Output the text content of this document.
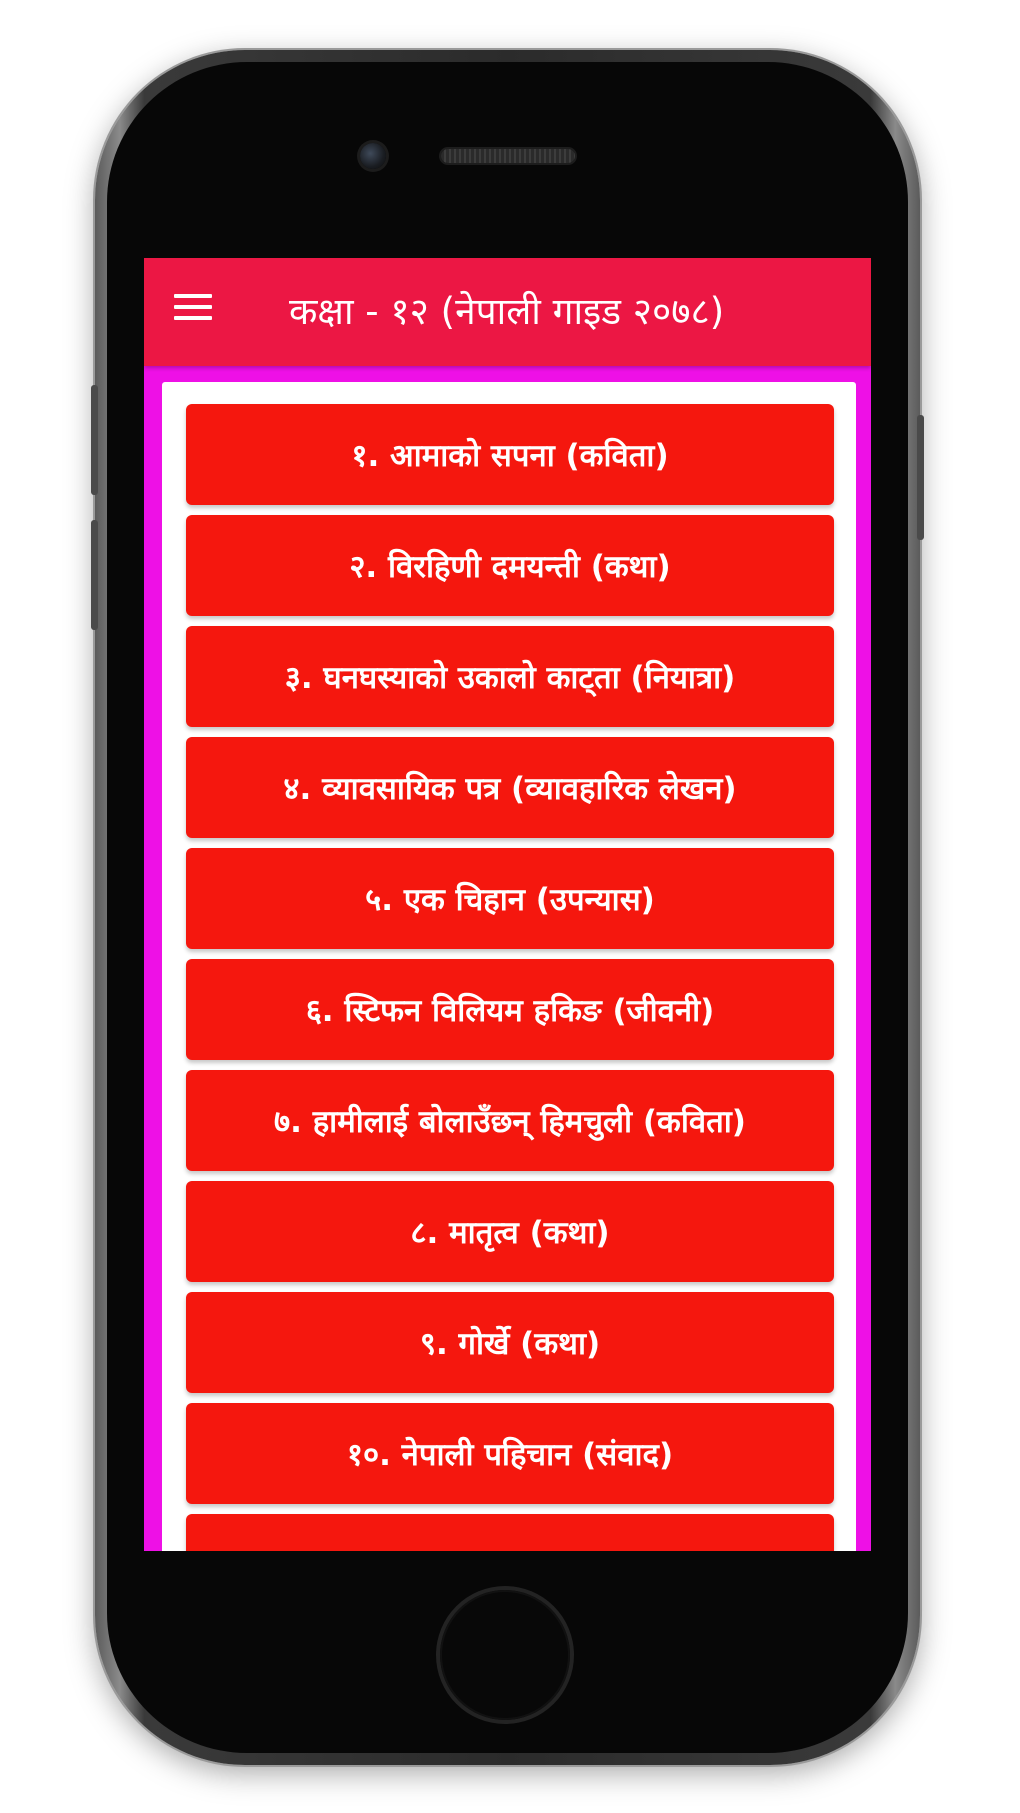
कक्षा - १२ (नेपाली गाइड २०७८)
१. आमाको सपना (कविता)
२. विरहिणी दमयन्ती (कथा)
३. घनघस्याको उकालो काट्ता (नियात्रा)
४. व्यावसायिक पत्र (व्यावहारिक लेखन)
५. एक चिहान (उपन्यास)
६. स्टिफन विलियम हकिङ (जीवनी)
७. हामीलाई बोलाउँछन् हिमचुली (कविता)
८. मातृत्व (कथा)
९. गोर्खे (कथा)
१०. नेपाली पहिचान (संवाद)
